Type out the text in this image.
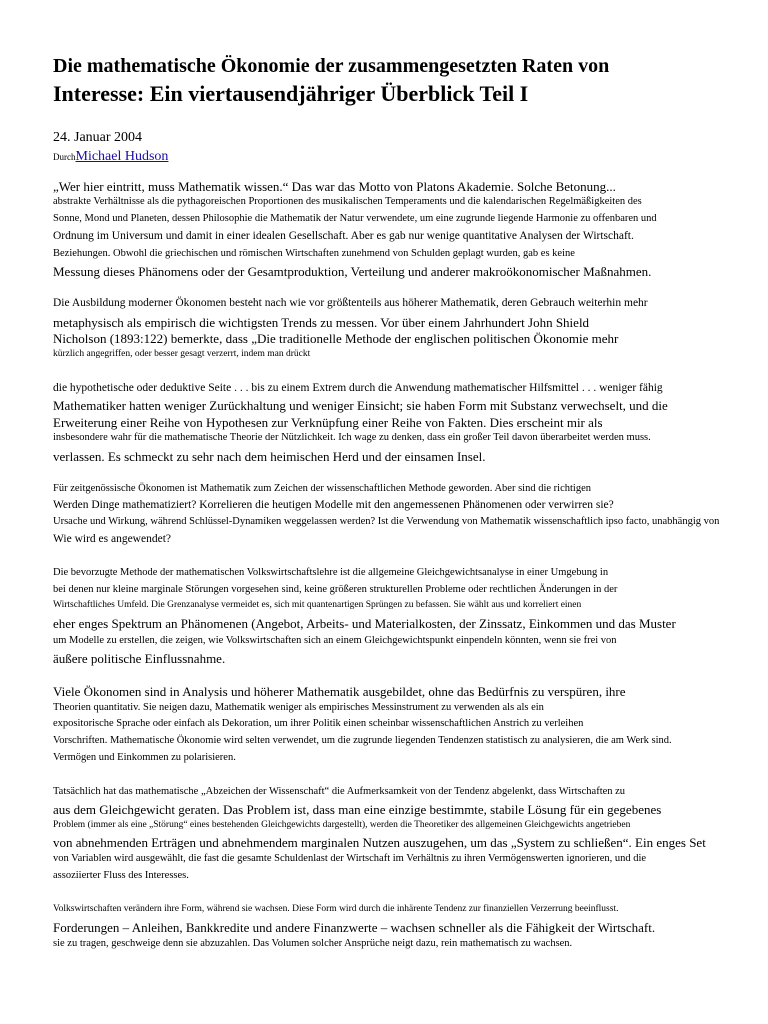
Die mathematische Ökonomie der zusammengesetzten Raten von
Interesse: Ein viertausendjähriger Überblick Teil I
24. Januar 2004
DurchMichael Hudson
„Wer hier eintritt, muss Mathematik wissen.“ Das war das Motto von Platons Akademie. Solche Betonung...
abstrakte Verhältnisse als die pythagoreischen Proportionen des musikalischen Temperaments und die kalendarischen Regelmäßigkeiten des
Sonne, Mond und Planeten, dessen Philosophie die Mathematik der Natur verwendete, um eine zugrunde liegende Harmonie zu offenbaren und
Ordnung im Universum und damit in einer idealen Gesellschaft. Aber es gab nur wenige quantitative Analysen der Wirtschaft.
Beziehungen. Obwohl die griechischen und römischen Wirtschaften zunehmend von Schulden geplagt wurden, gab es keine
Messung dieses Phänomens oder der Gesamtproduktion, Verteilung und anderer makroökonomischer Maßnahmen.
Die Ausbildung moderner Ökonomen besteht nach wie vor größtenteils aus höherer Mathematik, deren Gebrauch weiterhin mehr
metaphysisch als empirisch die wichtigsten Trends zu messen. Vor über einem Jahrhundert John Shield
Nicholson (1893:122) bemerkte, dass „Die traditionelle Methode der englischen politischen Ökonomie mehr
kürzlich angegriffen, oder besser gesagt verzerrt, indem man drückt
die hypothetische oder deduktive Seite . . . bis zu einem Extrem durch die Anwendung mathematischer Hilfsmittel . . . weniger fähig
Mathematiker hatten weniger Zurückhaltung und weniger Einsicht; sie haben Form mit Substanz verwechselt, und die
Erweiterung einer Reihe von Hypothesen zur Verknüpfung einer Reihe von Fakten. Dies erscheint mir als
insbesondere wahr für die mathematische Theorie der Nützlichkeit. Ich wage zu denken, dass ein großer Teil davon überarbeitet werden muss.
verlassen. Es schmeckt zu sehr nach dem heimischen Herd und der einsamen Insel.
Für zeitgenössische Ökonomen ist Mathematik zum Zeichen der wissenschaftlichen Methode geworden. Aber sind die richtigen
Werden Dinge mathematiziert? Korrelieren die heutigen Modelle mit den angemessenen Phänomenen oder verwirren sie?
Ursache und Wirkung, während Schlüssel-Dynamiken weggelassen werden? Ist die Verwendung von Mathematik wissenschaftlich ipso facto, unabhängig von
Wie wird es angewendet?
Die bevorzugte Methode der mathematischen Volkswirtschaftslehre ist die allgemeine Gleichgewichtsanalyse in einer Umgebung in
bei denen nur kleine marginale Störungen vorgesehen sind, keine größeren strukturellen Probleme oder rechtlichen Änderungen in der
Wirtschaftliches Umfeld. Die Grenzanalyse vermeidet es, sich mit quantenartigen Sprüngen zu befassen. Sie wählt aus und korreliert einen
eher enges Spektrum an Phänomenen (Angebot, Arbeits- und Materialkosten, der Zinssatz, Einkommen und das Muster
um Modelle zu erstellen, die zeigen, wie Volkswirtschaften sich an einem Gleichgewichtspunkt einpendeln könnten, wenn sie frei von
äußere politische Einflussnahme.
Viele Ökonomen sind in Analysis und höherer Mathematik ausgebildet, ohne das Bedürfnis zu verspüren, ihre
Theorien quantitativ. Sie neigen dazu, Mathematik weniger als empirisches Messinstrument zu verwenden als als ein
expositorische Sprache oder einfach als Dekoration, um ihrer Politik einen scheinbar wissenschaftlichen Anstrich zu verleihen
Vorschriften. Mathematische Ökonomie wird selten verwendet, um die zugrunde liegenden Tendenzen statistisch zu analysieren, die am Werk sind.
Vermögen und Einkommen zu polarisieren.
Tatsächlich hat das mathematische „Abzeichen der Wissenschaft“ die Aufmerksamkeit von der Tendenz abgelenkt, dass Wirtschaften zu
aus dem Gleichgewicht geraten. Das Problem ist, dass man eine einzige bestimmte, stabile Lösung für ein gegebenes
Problem (immer als eine „Störung“ eines bestehenden Gleichgewichts dargestellt), werden die Theoretiker des allgemeinen Gleichgewichts angetrieben
von abnehmenden Erträgen und abnehmendem marginalen Nutzen auszugehen, um das „System zu schließen“. Ein enges Set
von Variablen wird ausgewählt, die fast die gesamte Schuldenlast der Wirtschaft im Verhältnis zu ihren Vermögenswerten ignorieren, und die
assoziierter Fluss des Interesses.
Volkswirtschaften verändern ihre Form, während sie wachsen. Diese Form wird durch die inhärente Tendenz zur finanziellen Verzerrung beeinflusst.
Forderungen – Anleihen, Bankkredite und andere Finanzwerte – wachsen schneller als die Fähigkeit der Wirtschaft.
sie zu tragen, geschweige denn sie abzuzahlen. Das Volumen solcher Ansprüche neigt dazu, rein mathematisch zu wachsen.
